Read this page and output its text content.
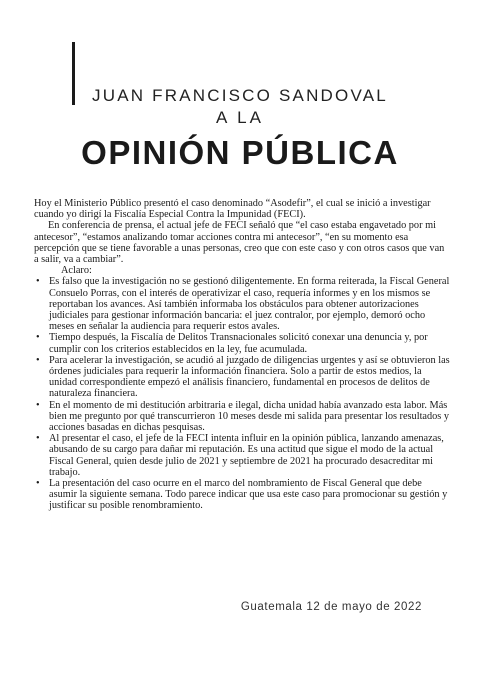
JUAN FRANCISCO SANDOVAL
A LA
OPINIÓN PÚBLICA

Hoy el Ministerio Público presentó el caso denominado “Asodefir”, el cual se inició a investigar cuando yo dirigí la Fiscalía Especial Contra la Impunidad (FECI).

En conferencia de prensa, el actual jefe de FECI señaló que “el caso estaba engavetado por mi antecesor”, “estamos analizando tomar acciones contra mi antecesor”, “en su momento esa percepción que se tiene favorable a unas personas, creo que con este caso y con otros casos que van a salir, va a cambiar”.

Aclaro:

• Es falso que la investigación no se gestionó diligentemente. En forma reiterada, la Fiscal General Consuelo Porras, con el interés de operativizar el caso, requería informes y en los mismos se reportaban los avances. Así también informaba los obstáculos para obtener autorizaciones judiciales para gestionar información bancaria: el juez contralor, por ejemplo, demoró ocho meses en señalar la audiencia para requerir estos avales.
• Tiempo después, la Fiscalía de Delitos Transnacionales solicitó conexar una denuncia y, por cumplir con los criterios establecidos en la ley, fue acumulada.
• Para acelerar la investigación, se acudió al juzgado de diligencias urgentes y así se obtuvieron las órdenes judiciales para requerir la información financiera. Solo a partir de estos medios, la unidad correspondiente empezó el análisis financiero, fundamental en procesos de delitos de naturaleza financiera.
• En el momento de mi destitución arbitraria e ilegal, dicha unidad había avanzado esta labor. Más bien me pregunto por qué transcurrieron 10 meses desde mi salida para presentar los resultados y acciones basadas en dichas pesquisas.
• Al presentar el caso, el jefe de la FECI intenta influir en la opinión pública, lanzando amenazas, abusando de su cargo para dañar mi reputación. Es una actitud que sigue el modo de la actual Fiscal General, quien desde julio de 2021 y septiembre de 2021 ha procurado desacreditar mi trabajo.
• La presentación del caso ocurre en el marco del nombramiento de Fiscal General que debe asumir la siguiente semana. Todo parece indicar que usa este caso para promocionar su gestión y justificar su posible renombramiento.
Guatemala 12 de mayo de 2022
